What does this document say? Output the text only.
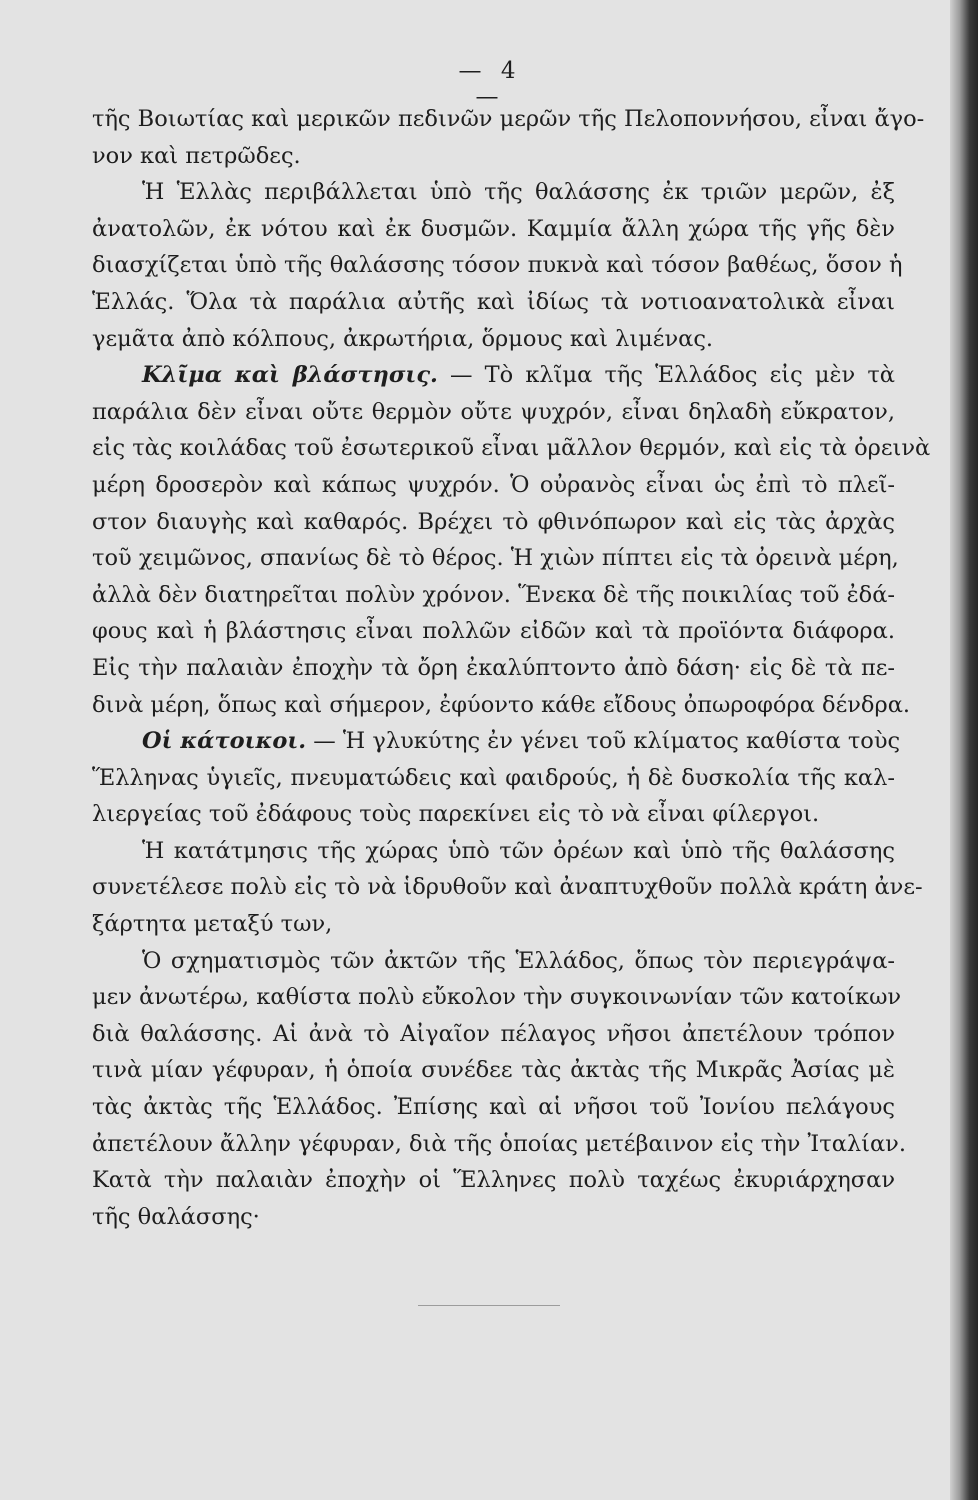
— 4 —
τῆς Βοιωτίας καὶ μερικῶν πεδινῶν μερῶν τῆς Πελοποννήσου, εἶναι ἄγο-
νον καὶ πετρῶδες.
Ἡ Ἑλλὰς περιβάλλεται ὑπὸ τῆς θαλάσσης ἐκ τριῶν μερῶν, ἐξ
ἀνατολῶν, ἐκ νότου καὶ ἐκ δυσμῶν. Καμμία ἄλλη χώρα τῆς γῆς δὲν
διασχίζεται ὑπὸ τῆς θαλάσσης τόσον πυκνὰ καὶ τόσον βαθέως, ὅσον ἡ
Ἑλλάς. Ὅλα τὰ παράλια αὐτῆς καὶ ἰδίως τὰ νοτιοανατολικὰ εἶναι
γεμᾶτα ἀπὸ κόλπους, ἀκρωτήρια, ὅρμους καὶ λιμένας.
Κλῖμα καὶ βλάστησις. — Τὸ κλῖμα τῆς Ἑλλάδος εἰς μὲν τὰ
παράλια δὲν εἶναι οὔτε θερμὸν οὔτε ψυχρόν, εἶναι δηλαδὴ εὔκρατον,
εἰς τὰς κοιλάδας τοῦ ἐσωτερικοῦ εἶναι μᾶλλον θερμόν, καὶ εἰς τὰ ὀρεινὰ
μέρη δροσερὸν καὶ κάπως ψυχρόν. Ὁ οὐρανὸς εἶναι ὡς ἐπὶ τὸ πλεῖ-
στον διαυγὴς καὶ καθαρός. Βρέχει τὸ φθινόπωρον καὶ εἰς τὰς ἀρχὰς
τοῦ χειμῶνος, σπανίως δὲ τὸ θέρος. Ἡ χιὼν πίπτει εἰς τὰ ὀρεινὰ μέρη,
ἀλλὰ δὲν διατηρεῖται πολὺν χρόνον. Ἕνεκα δὲ τῆς ποικιλίας τοῦ ἐδά-
φους καὶ ἡ βλάστησις εἶναι πολλῶν εἰδῶν καὶ τὰ προϊόντα διάφορα.
Εἰς τὴν παλαιὰν ἐποχὴν τὰ ὄρη ἐκαλύπτοντο ἀπὸ δάση· εἰς δὲ τὰ πε-
δινὰ μέρη, ὅπως καὶ σήμερον, ἐφύοντο κάθε εἴδους ὀπωροφόρα δένδρα.
Οἱ κάτοικοι. — Ἡ γλυκύτης ἐν γένει τοῦ κλίματος καθίστα τοὺς
Ἕλληνας ὑγιεῖς, πνευματώδεις καὶ φαιδρούς, ἡ δὲ δυσκολία τῆς καλ-
λιεργείας τοῦ ἐδάφους τοὺς παρεκίνει εἰς τὸ νὰ εἶναι φίλεργοι.
Ἡ κατάτμησις τῆς χώρας ὑπὸ τῶν ὀρέων καὶ ὑπὸ τῆς θαλάσσης
συνετέλεσε πολὺ εἰς τὸ νὰ ἱδρυθοῦν καὶ ἀναπτυχθοῦν πολλὰ κράτη ἀνε-
ξάρτητα μεταξύ των,
Ὁ σχηματισμὸς τῶν ἀκτῶν τῆς Ἑλλάδος, ὅπως τὸν περιεγράψα-
μεν ἀνωτέρω, καθίστα πολὺ εὔκολον τὴν συγκοινωνίαν τῶν κατοίκων
διὰ θαλάσσης. Αἱ ἀνὰ τὸ Αἰγαῖον πέλαγος νῆσοι ἀπετέλουν τρόπον
τινὰ μίαν γέφυραν, ἡ ὁποία συνέδεε τὰς ἀκτὰς τῆς Μικρᾶς Ἀσίας μὲ
τὰς ἀκτὰς τῆς Ἑλλάδος. Ἐπίσης καὶ αἱ νῆσοι τοῦ Ἰονίου πελάγους
ἀπετέλουν ἄλλην γέφυραν, διὰ τῆς ὁποίας μετέβαινον εἰς τὴν Ἰταλίαν.
Κατὰ τὴν παλαιὰν ἐποχὴν οἱ Ἕλληνες πολὺ ταχέως ἐκυριάρχησαν
τῆς θαλάσσης·
